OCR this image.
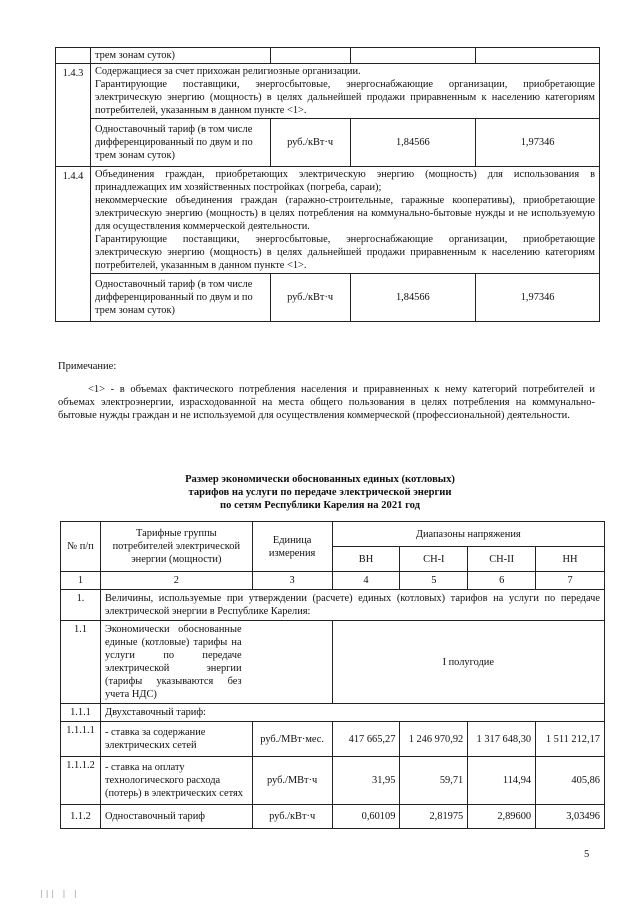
	трем зонам суток)			
1.4.3	Содержащиеся за счет прихожан религиозные организации.
Гарантирующие поставщики, энергосбытовые, энергоснабжающие организации, приобретающие электрическую энергию (мощность) в целях дальнейшей продажи приравненным к населению категориям потребителей, указанным в данном пункте <1>.			

	Одноставочный тариф (в том числе дифференцированный по двум и по трем зонам суток)	руб./кВт·ч	1,84566	1,97346
1.4.4	Объединения граждан, приобретающих электрическую энергию (мощность) для использования в принадлежащих им хозяйственных постройках (погреба, сараи);
некоммерческие объединения граждан (гаражно-строительные, гаражные кооперативы), приобретающие электрическую энергию (мощность) в целях потребления на коммунально-бытовые нужды и не используемую для осуществления коммерческой деятельности.
Гарантирующие поставщики, энергосбытовые, энергоснабжающие организации, приобретающие электрическую энергию (мощность) в целях дальнейшей продажи приравненным к населению категориям потребителей, указанным в данном пункте <1>.			

	Одноставочный тариф (в том числе дифференцированный по двум и по трем зонам суток)	руб./кВт·ч	1,84566	1,97346
Примечание:
<1> - в объемах фактического потребления населения и приравненных к нему категорий потребителей и объемах электроэнергии, израсходованной на места общего пользования в целях потребления на коммунально-бытовые нужды граждан и не используемой для осуществления коммерческой (профессиональной) деятельности.
Размер экономически обоснованных единых (котловых)
тарифов на услуги по передаче электрической энергии
по сетям Республики Карелия на 2021 год
№ п/п	Тарифные группы потребителей электрической энергии (мощности)	Единица измерения	Диапазоны напряжения			
			ВН	СН-I	СН-II	НН
1	2	3	4	5	6	7
1.	Величины, используемые при утверждении (расчете) единых (котловых) тарифов на услуги по передаче электрической энергии в Республике Карелия:					
1.1	Экономически обоснованные единые (котловые) тарифы на услуги по передаче электрической энергии (тарифы указываются без учета НДС)		I полугодие			
1.1.1	Двухставочный тариф:					
1.1.1.1	- ставка за содержание электрических сетей	руб./МВт·мес.	417 665,27	1 246 970,92	1 317 648,30	1 511 212,17
1.1.1.2	- ставка на оплату технологического расхода (потерь) в электрических сетях	руб./МВт·ч	31,95	59,71	114,94	405,86
1.1.2	Одноставочный тариф	руб./кВт·ч	0,60109	2,81975	2,89600	3,03496
5
||| | |
